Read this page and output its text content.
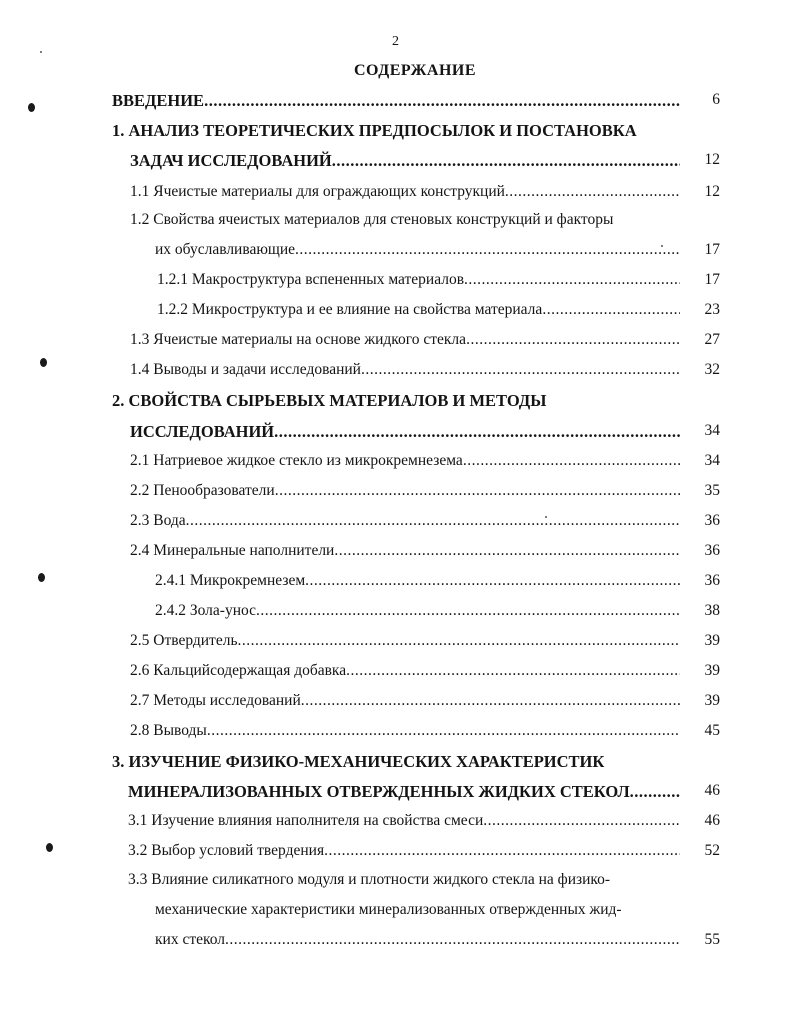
2
СОДЕРЖАНИЕ
ВВЕДЕНИЕ .....	6
1. АНАЛИЗ ТЕОРЕТИЧЕСКИХ ПРЕДПОСЫЛОК И ПОСТАНОВКА
ЗАДАЧ ИССЛЕДОВАНИЙ .....	12
1.1 Ячеистые материалы для ограждающих конструкций .....	12
1.2 Свойства ячеистых материалов для стеновых конструкций и факторы
их обуславливающие .....	17
1.2.1 Макроструктура вспененных материалов .....	17
1.2.2 Микроструктура и ее влияние на свойства материала .....	23
1.3 Ячеистые материалы на основе жидкого стекла .....	27
1.4 Выводы и задачи исследований .....	32
2. СВОЙСТВА СЫРЬЕВЫХ МАТЕРИАЛОВ И МЕТОДЫ
ИССЛЕДОВАНИЙ .....	34
2.1 Натриевое жидкое стекло из микрокремнезема .....	34
2.2 Пенообразователи .....	35
2.3 Вода .....	36
2.4 Минеральные наполнители .....	36
2.4.1 Микрокремнезем .....	36
2.4.2 Зола-унос .....	38
2.5 Отвердитель .....	39
2.6 Кальцийсодержащая добавка .....	39
2.7 Методы исследований .....	39
2.8 Выводы .....	45
3. ИЗУЧЕНИЕ ФИЗИКО-МЕХАНИЧЕСКИХ ХАРАКТЕРИСТИК
МИНЕРАЛИЗОВАННЫХ ОТВЕРЖДЕННЫХ ЖИДКИХ СТЕКОЛ .....	46
3.1 Изучение влияния наполнителя на свойства смеси .....	46
3.2 Выбор условий твердения .....	52
3.3 Влияние силикатного модуля и плотности жидкого стекла на физико-
механические характеристики минерализованных отвержденных жид-
ких стекол .....	55
